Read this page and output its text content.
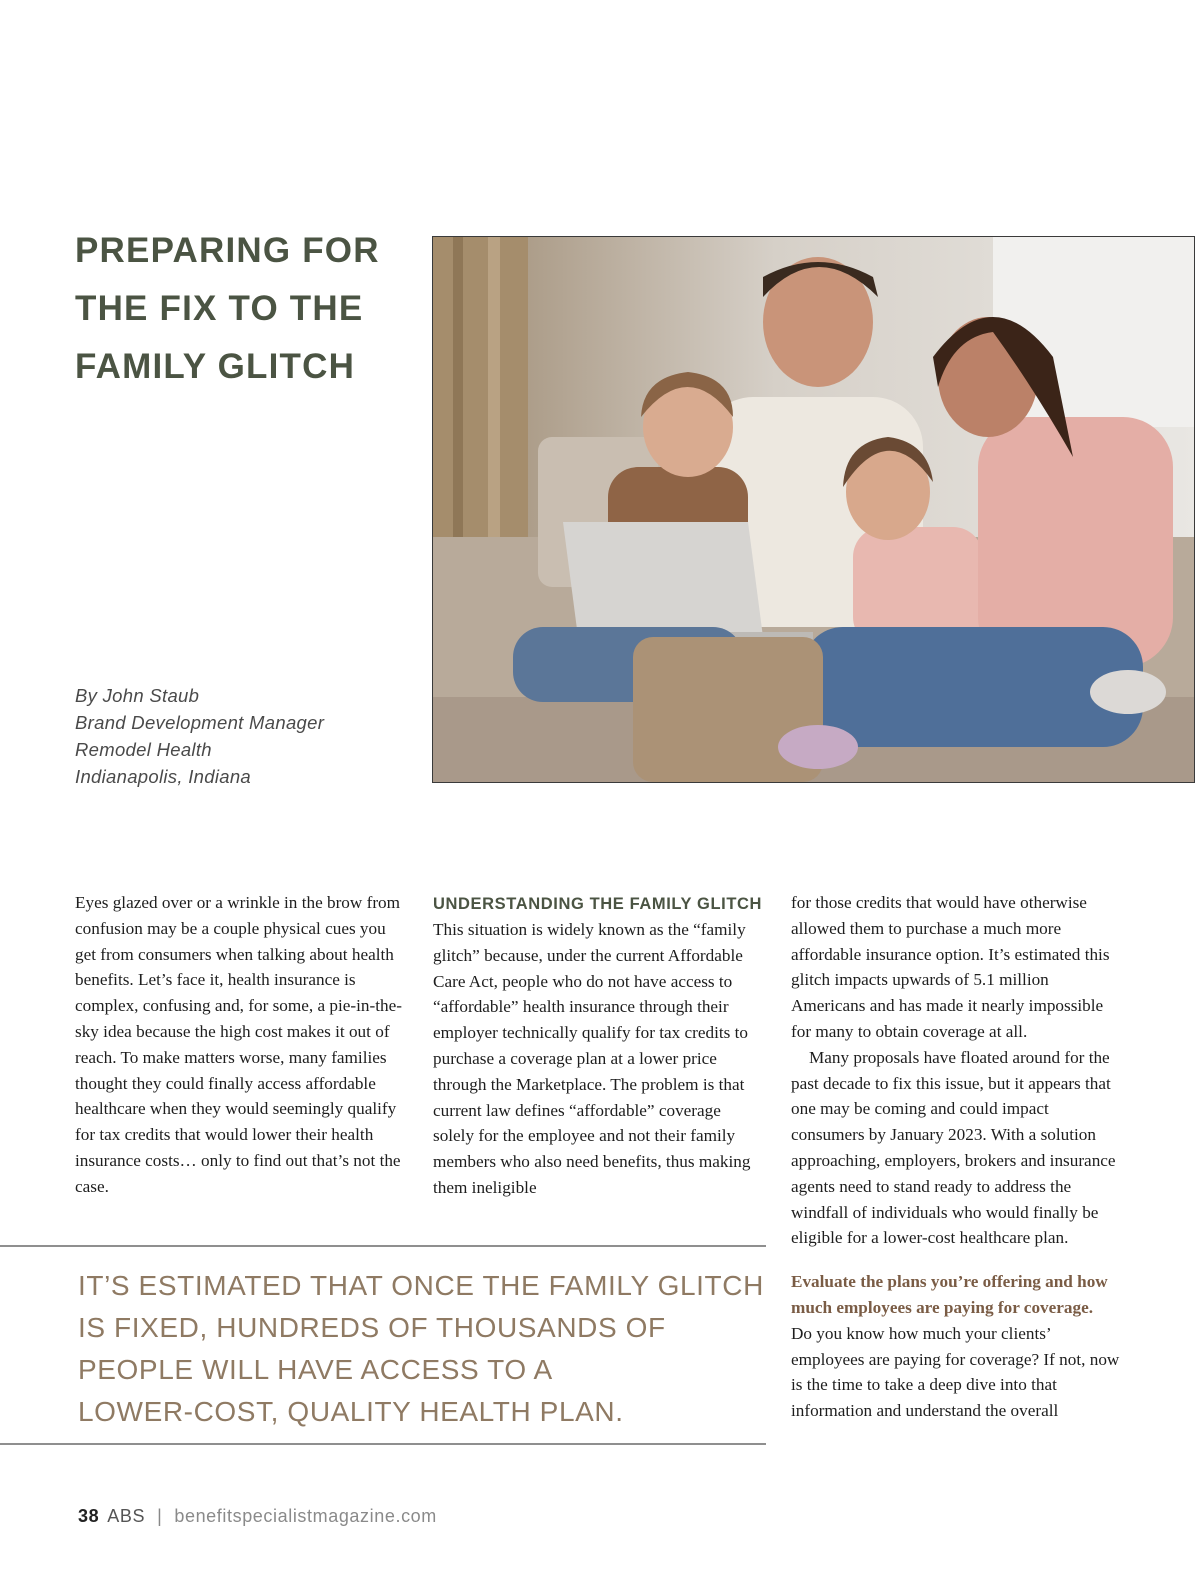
PREPARING FOR
THE FIX TO THE
FAMILY GLITCH
By John Staub
Brand Development Manager
Remodel Health
Indianapolis, Indiana

Eyes glazed over or a wrinkle in the brow from confusion may be a couple physical cues you get from consumers when talking about health benefits. Let’s face it, health insurance is complex, confusing and, for some, a pie-in-the-sky idea because the high cost makes it out of reach. To make matters worse, many families thought they could finally access affordable healthcare when they would seemingly qualify for tax credits that would lower their health insurance costs… only to find out that’s not the case.

UNDERSTANDING THE FAMILY GLITCH

This situation is widely known as the “family glitch” because, under the current Affordable Care Act, people who do not have access to “affordable” health insurance through their employer technically qualify for tax credits to purchase a coverage plan at a lower price through the Marketplace. The problem is that current law defines “affordable” coverage solely for the employee and not their family members who also need benefits, thus making them ineligible

for those credits that would have otherwise allowed them to purchase a much more affordable insurance option. It’s estimated this glitch impacts upwards of 5.1 million Americans and has made it nearly impossible for many to obtain coverage at all.

Many proposals have floated around for the past decade to fix this issue, but it appears that one may be coming and could impact consumers by January 2023. With a solution approaching, employers, brokers and insurance agents need to stand ready to address the windfall of individuals who would finally be eligible for a lower-cost healthcare plan.

Evaluate the plans you’re offering and how much employees are paying for coverage.

Do you know how much your clients’ employees are paying for coverage? If not, now is the time to take a deep dive into that information and understand the overall

IT’S ESTIMATED THAT ONCE THE FAMILY GLITCH
IS FIXED, HUNDREDS OF THOUSANDS OF
PEOPLE WILL HAVE ACCESS TO A
LOWER-COST, QUALITY HEALTH PLAN.
38 ABS | benefitspecialistmagazine.com
